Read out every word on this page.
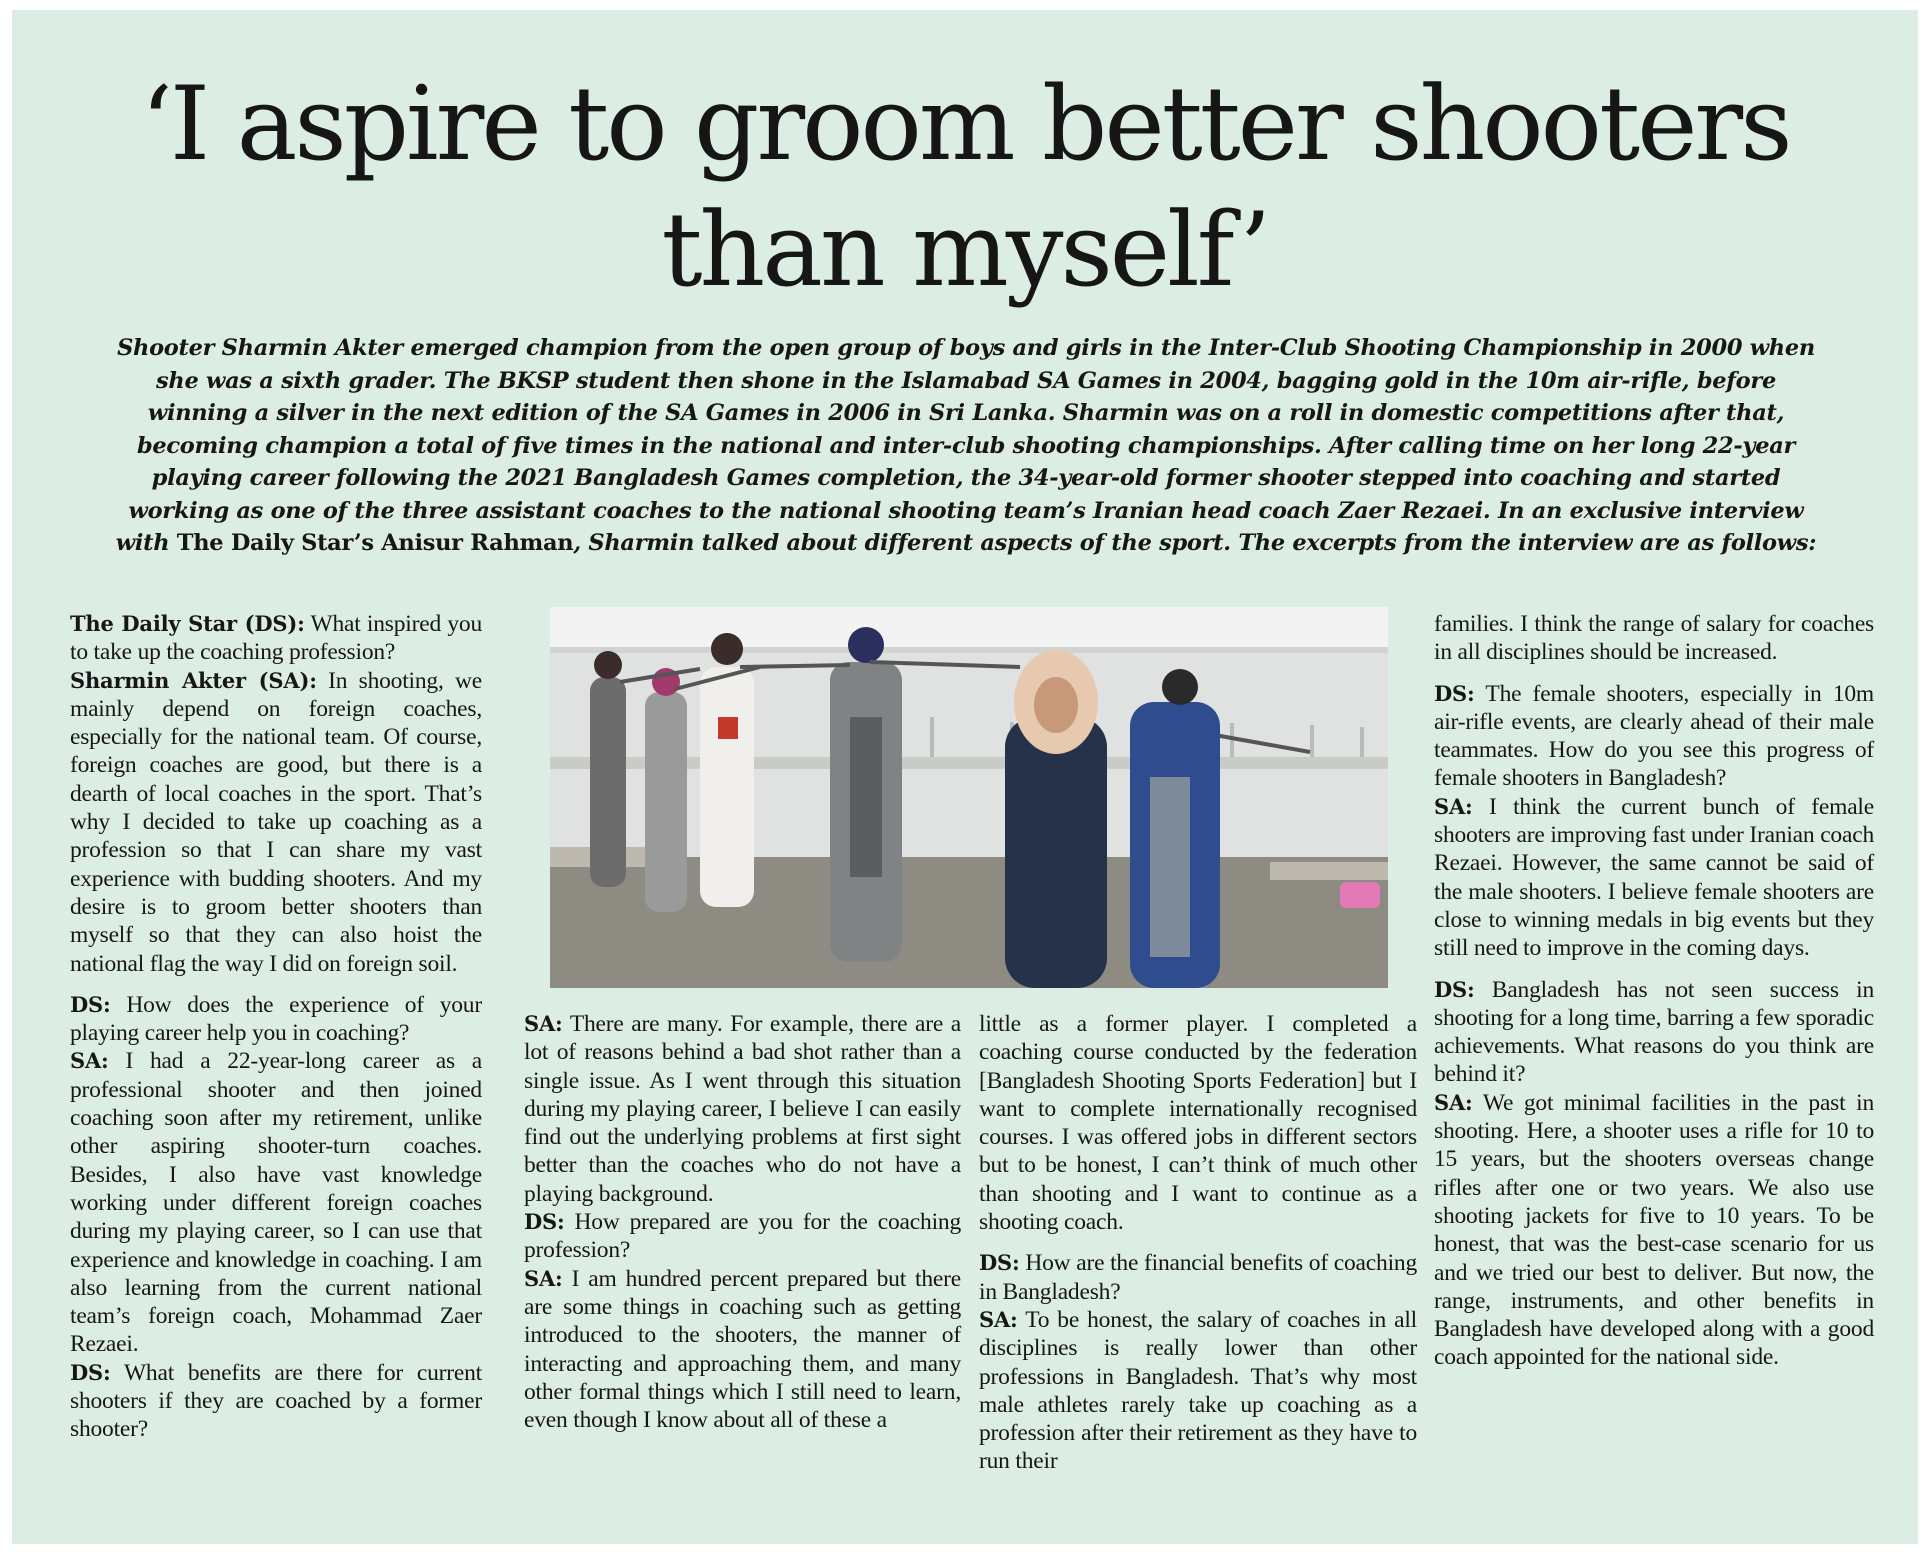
‘I aspire to groom better shooters
than myself’

Shooter Sharmin Akter emerged champion from the open group of boys and girls in the Inter-Club Shooting Championship in 2000 when she was a sixth grader. The BKSP student then shone in the Islamabad SA Games in 2004, bagging gold in the 10m air-rifle, before winning a silver in the next edition of the SA Games in 2006 in Sri Lanka. Sharmin was on a roll in domestic competitions after that, becoming champion a total of five times in the national and inter-club shooting championships. After calling time on her long 22-year playing career following the 2021 Bangladesh Games completion, the 34-year-old former shooter stepped into coaching and started working as one of the three assistant coaches to the national shooting team’s Iranian head coach Zaer Rezaei. In an exclusive interview with The Daily Star’s Anisur Rahman, Sharmin talked about different aspects of the sport. The excerpts from the interview are as follows:

The Daily Star (DS): What inspired you to take up the coaching profession?

Sharmin Akter (SA): In shooting, we mainly depend on foreign coaches, especially for the national team. Of course, foreign coaches are good, but there is a dearth of local coaches in the sport. That’s why I decided to take up coaching as a profession so that I can share my vast experience with budding shooters. And my desire is to groom better shooters than myself so that they can also hoist the national flag the way I did on foreign soil.

DS: How does the experience of your playing career help you in coaching?

SA: I had a 22-year-long career as a professional shooter and then joined coaching soon after my retirement, unlike other aspiring shooter-turn coaches. Besides, I also have vast knowledge working under different foreign coaches during my playing career, so I can use that experience and knowledge in coaching. I am also learning from the current national team’s foreign coach, Mohammad Zaer Rezaei.

DS: What benefits are there for current shooters if they are coached by a former shooter?

SA: There are many. For example, there are a lot of reasons behind a bad shot rather than a single issue. As I went through this situation during my playing career, I believe I can easily find out the underlying problems at first sight better than the coaches who do not have a playing background.

DS: How prepared are you for the coaching profession?

SA: I am hundred percent prepared but there are some things in coaching such as getting introduced to the shooters, the manner of interacting and approaching them, and many other formal things which I still need to learn, even though I know about all of these a

little as a former player. I completed a coaching course conducted by the federation [Bangladesh Shooting Sports Federation] but I want to complete internationally recognised courses. I was offered jobs in different sectors but to be honest, I can’t think of much other than shooting and I want to continue as a shooting coach.

DS: How are the financial benefits of coaching in Bangladesh?

SA: To be honest, the salary of coaches in all disciplines is really lower than other professions in Bangladesh. That’s why most male athletes rarely take up coaching as a profession after their retirement as they have to run their

families. I think the range of salary for coaches in all disciplines should be increased.

DS: The female shooters, especially in 10m air-rifle events, are clearly ahead of their male teammates. How do you see this progress of female shooters in Bangladesh?

SA: I think the current bunch of female shooters are improving fast under Iranian coach Rezaei. However, the same cannot be said of the male shooters. I believe female shooters are close to winning medals in big events but they still need to improve in the coming days.

DS: Bangladesh has not seen success in shooting for a long time, barring a few sporadic achievements. What reasons do you think are behind it?

SA: We got minimal facilities in the past in shooting. Here, a shooter uses a rifle for 10 to 15 years, but the shooters overseas change rifles after one or two years. We also use shooting jackets for five to 10 years. To be honest, that was the best-case scenario for us and we tried our best to deliver. But now, the range, instruments, and other benefits in Bangladesh have developed along with a good coach appointed for the national side.
